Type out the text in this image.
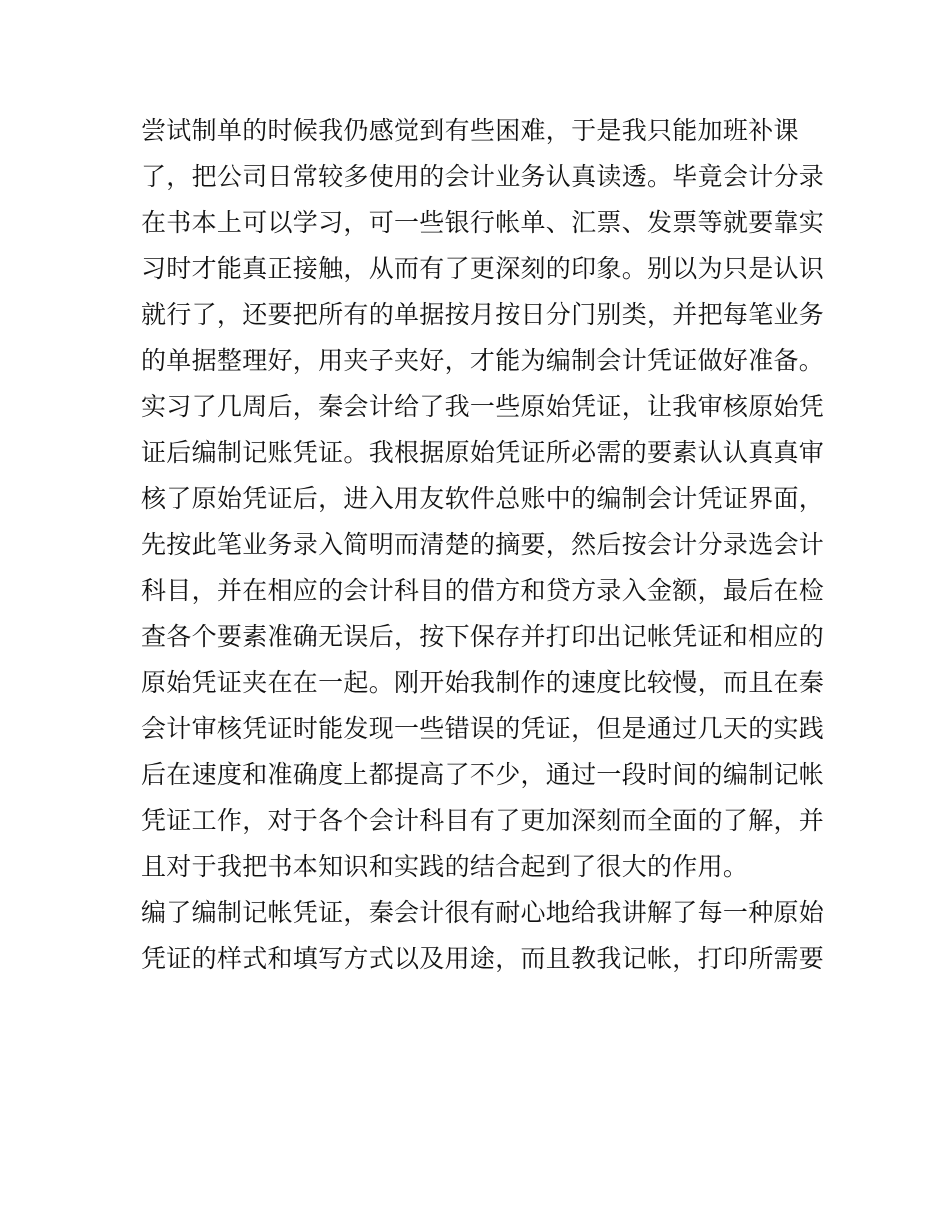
尝试制单的时候我仍感觉到有些困难，于是我只能加班补课
了，把公司日常较多使用的会计业务认真读透。毕竟会计分录
在书本上可以学习，可一些银行帐单、汇票、发票等就要靠实
习时才能真正接触，从而有了更深刻的印象。别以为只是认识
就行了，还要把所有的单据按月按日分门别类，并把每笔业务
的单据整理好，用夹子夹好，才能为编制会计凭证做好准备。
实习了几周后，秦会计给了我一些原始凭证，让我审核原始凭
证后编制记账凭证。我根据原始凭证所必需的要素认认真真审
核了原始凭证后，进入用友软件总账中的编制会计凭证界面，
先按此笔业务录入简明而清楚的摘要，然后按会计分录选会计
科目，并在相应的会计科目的借方和贷方录入金额，最后在检
查各个要素准确无误后，按下保存并打印出记帐凭证和相应的
原始凭证夹在在一起。刚开始我制作的速度比较慢，而且在秦
会计审核凭证时能发现一些错误的凭证，但是通过几天的实践
后在速度和准确度上都提高了不少，通过一段时间的编制记帐
凭证工作，对于各个会计科目有了更加深刻而全面的了解，并
且对于我把书本知识和实践的结合起到了很大的作用。
编了编制记帐凭证，秦会计很有耐心地给我讲解了每一种原始
凭证的样式和填写方式以及用途，而且教我记帐，打印所需要
